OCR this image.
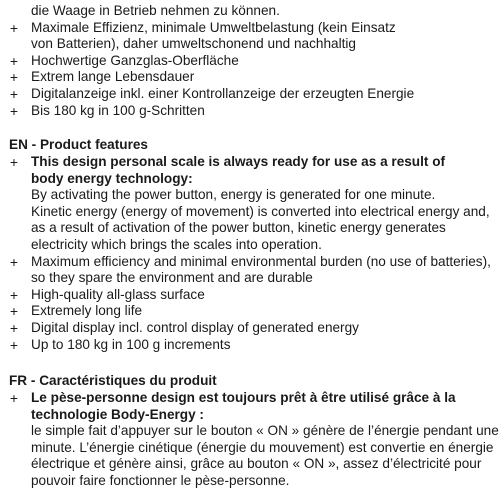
die Waage in Betrieb nehmen zu können.
+ Maximale Effizienz, minimale Umweltbelastung (kein Einsatz
von Batterien), daher umweltschonend und nachhaltig
+ Hochwertige Ganzglas-Oberfläche
+ Extrem lange Lebensdauer
+ Digitalanzeige inkl. einer Kontrollanzeige der erzeugten Energie
+ Bis 180 kg in 100 g-Schritten
EN - Product features
+ This design personal scale is always ready for use as a result of
body energy technology:
By activating the power button, energy is generated for one minute.
Kinetic energy (energy of movement) is converted into electrical energy and,
as a result of activation of the power button, kinetic energy generates
electricity which brings the scales into operation.
+ Maximum efficiency and minimal environmental burden (no use of batteries),
so they spare the environment and are durable
+ High-quality all-glass surface
+ Extremely long life
+ Digital display incl. control display of generated energy
+ Up to 180 kg in 100 g increments
FR - Caractéristiques du produit
+ Le pèse-personne design est toujours prêt à être utilisé grâce à la
technologie Body-Energy :
le simple fait d’appuyer sur le bouton « ON » génère de l’énergie pendant une
minute. L’énergie cinétique (énergie du mouvement) est convertie en énergie
électrique et génère ainsi, grâce au bouton « ON », assez d’électricité pour
pouvoir faire fonctionner le pèse-personne.
